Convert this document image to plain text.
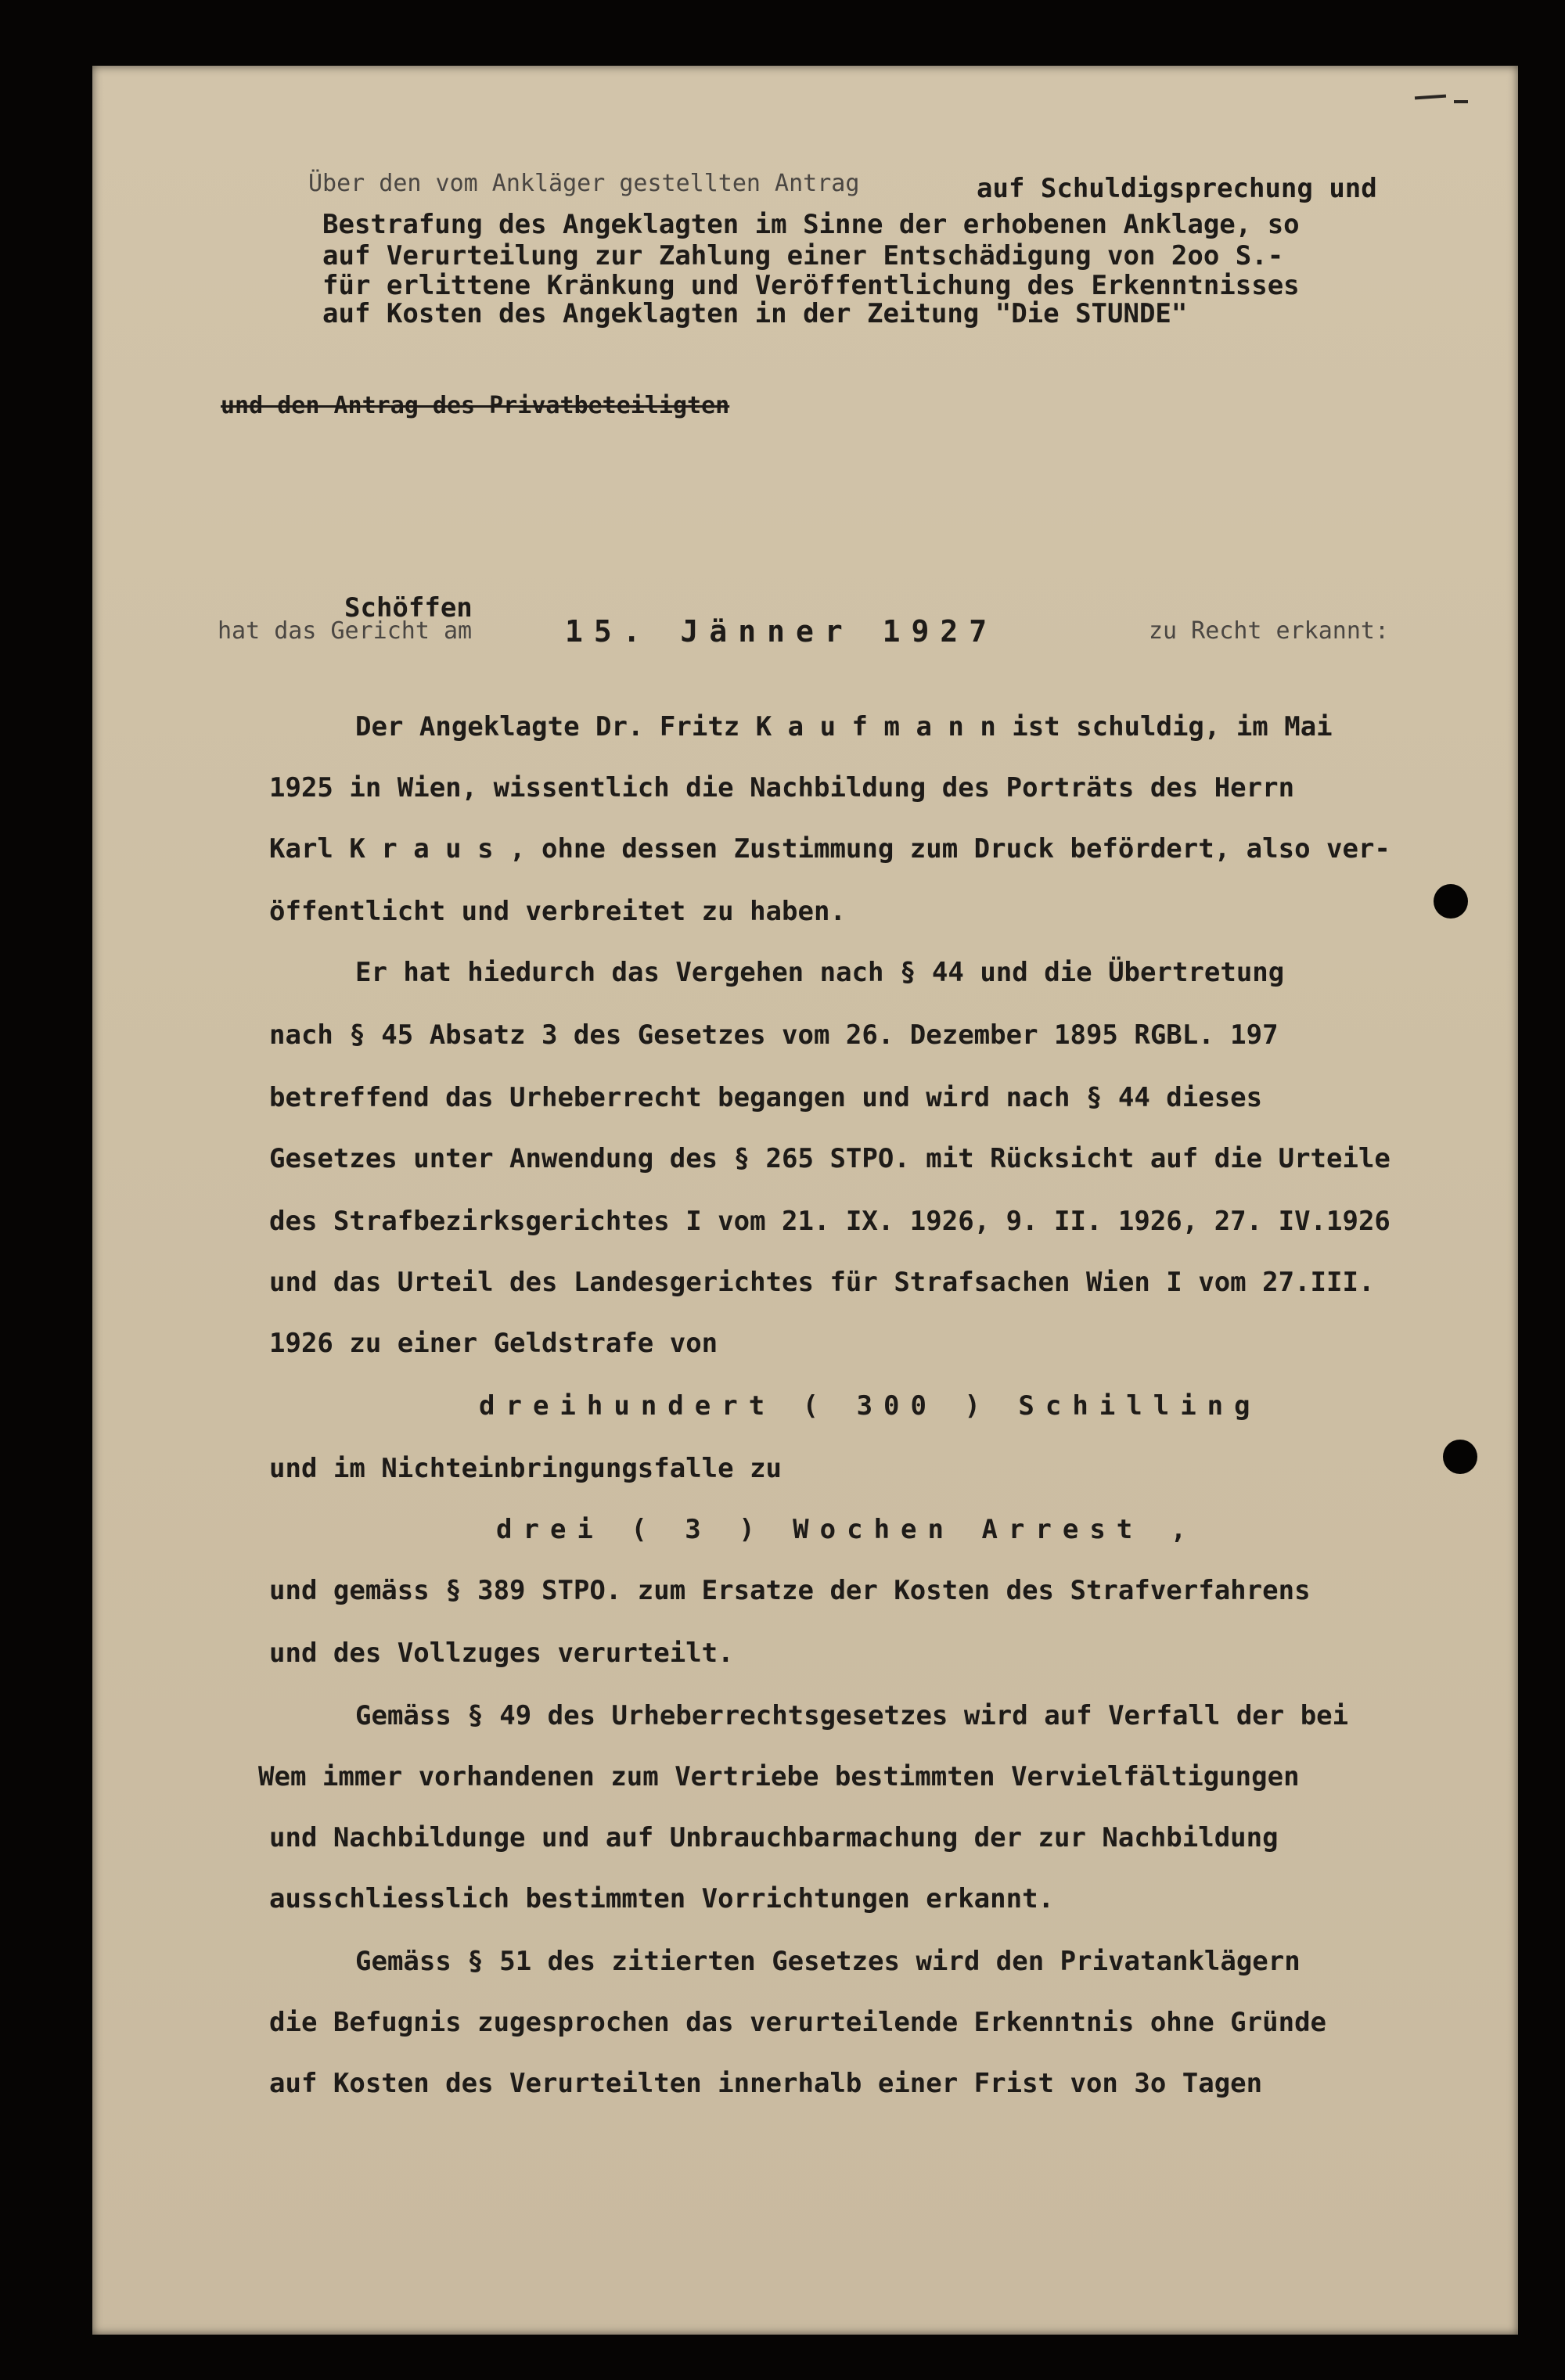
Über den vom Ankläger gestellten Antrag	auf Schuldigsprechung und
Bestrafung des Angeklagten im Sinne der erhobenen Anklage, so
auf Verurteilung zur Zahlung einer Entschädigung von 2oo S.-
für erlittene Kränkung und Veröffentlichung des Erkenntnisses
auf Kosten des Angeklagten in der Zeitung "Die STUNDE"
und den Antrag des Privatbeteiligten
Schöffen
hat das Gericht am	15. Jänner 1927	zu Recht erkannt:
Der Angeklagte Dr. Fritz K a u f m a n n ist schuldig, im Mai
1925 in Wien, wissentlich die Nachbildung des Porträts des Herrn
Karl K r a u s , ohne dessen Zustimmung zum Druck befördert, also ver-
öffentlicht und verbreitet zu haben.
Er hat hiedurch das Vergehen nach § 44 und die Übertretung
nach § 45 Absatz 3 des Gesetzes vom 26. Dezember 1895 RGBL. 197
betreffend das Urheberrecht begangen und wird nach § 44 dieses
Gesetzes unter Anwendung des § 265 STPO. mit Rücksicht auf die Urteile
des Strafbezirksgerichtes I vom 21. IX. 1926, 9. II. 1926, 27. IV.1926
und das Urteil des Landesgerichtes für Strafsachen Wien I vom 27.III.
1926 zu einer Geldstrafe von
dreihundert ( 300 ) Schilling
und im Nichteinbringungsfalle zu
drei ( 3 ) Wochen Arrest ,
und gemäss § 389 STPO. zum Ersatze der Kosten des Strafverfahrens
und des Vollzuges verurteilt.
Gemäss § 49 des Urheberrechtsgesetzes wird auf Verfall der bei
Wem immer vorhandenen zum Vertriebe bestimmten Vervielfältigungen
und Nachbildunge und auf Unbrauchbarmachung der zur Nachbildung
ausschliesslich bestimmten Vorrichtungen erkannt.
Gemäss § 51 des zitierten Gesetzes wird den Privatanklägern
die Befugnis zugesprochen das verurteilende Erkenntnis ohne Gründe
auf Kosten des Verurteilten innerhalb einer Frist von 3o Tagen
